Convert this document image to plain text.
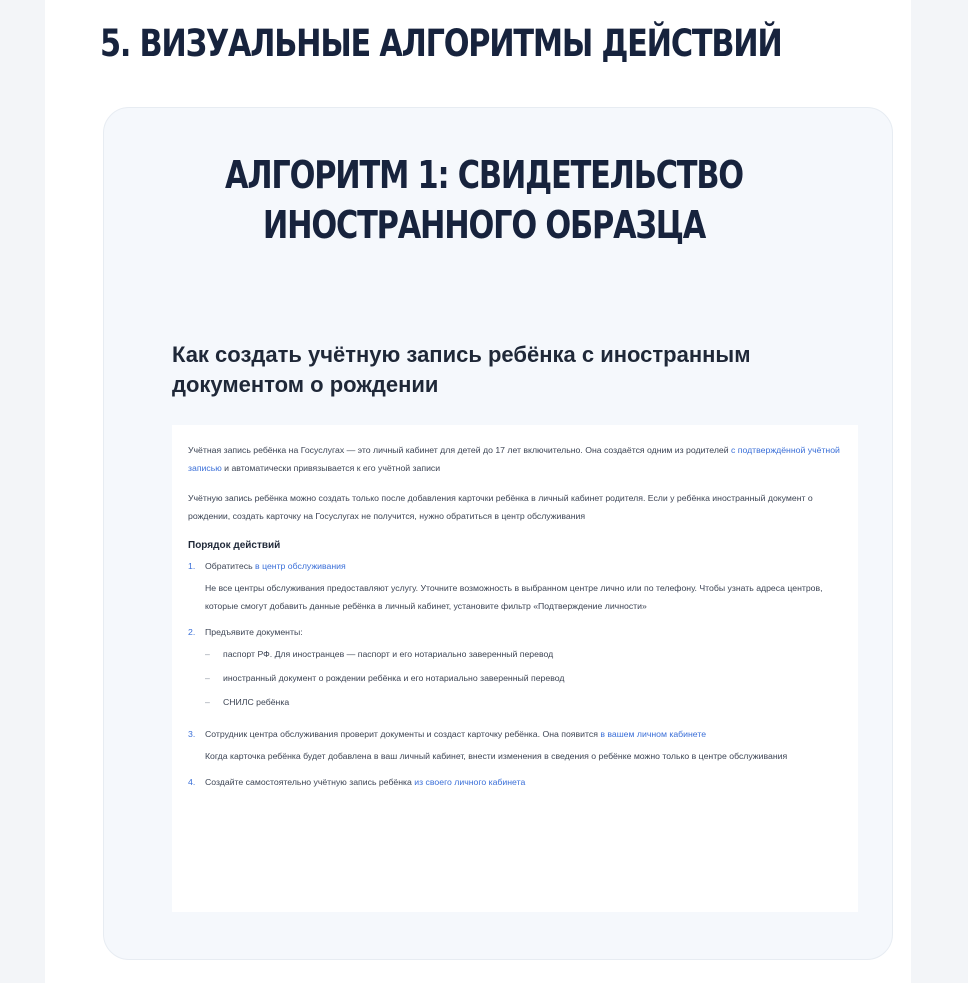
5. ВИЗУАЛЬНЫЕ АЛГОРИТМЫ ДЕЙСТВИЙ
АЛГОРИТМ 1: СВИДЕТЕЛЬСТВО
ИНОСТРАННОГО ОБРАЗЦА
Как создать учётную запись ребёнка с иностранным документом о рождении

Учётная запись ребёнка на Госуслугах — это личный кабинет для детей до 17 лет включительно. Она создаётся одним из родителей с подтверждённой учётной записью и автоматически привязывается к его учётной записи

Учётную запись ребёнка можно создать только после добавления карточки ребёнка в личный кабинет родителя. Если у ребёнка иностранный документ о рождении, создать карточку на Госуслугах не получится, нужно обратиться в центр обслуживания

Порядок действий

1.	Обратитесь в центр обслуживания

Не все центры обслуживания предоставляют услугу. Уточните возможность в выбранном центре лично или по телефону. Чтобы узнать адреса центров, которые смогут добавить данные ребёнка в личный кабинет, установите фильтр «Подтверждение личности»

2.	Предъявите документы:

–	паспорт РФ. Для иностранцев — паспорт и его нотариально заверенный перевод
–	иностранный документ о рождении ребёнка и его нотариально заверенный перевод
–	СНИЛС ребёнка
3.	Сотрудник центра обслуживания проверит документы и создаст карточку ребёнка. Она появится в вашем личном кабинете

Когда карточка ребёнка будет добавлена в ваш личный кабинет, внести изменения в сведения о ребёнке можно только в центре обслуживания

4.	Создайте самостоятельно учётную запись ребёнка из своего личного кабинета
